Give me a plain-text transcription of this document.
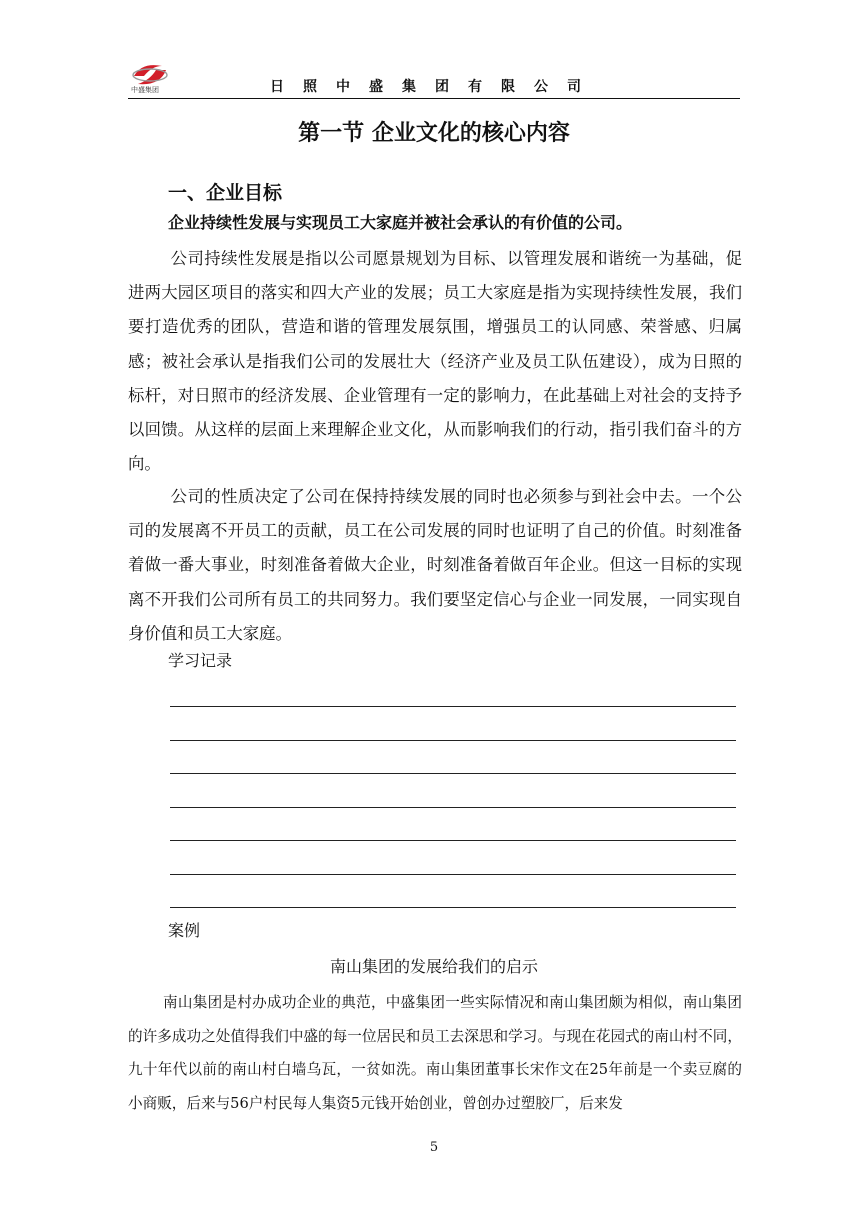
中盛集团	日照中盛集团有限公司
第一节 企业文化的核心内容
一、企业目标
企业持续性发展与实现员工大家庭并被社会承认的有价值的公司。

公司持续性发展是指以公司愿景规划为目标、以管理发展和谐统一为基础，促进两大园区项目的落实和四大产业的发展；员工大家庭是指为实现持续性发展，我们要打造优秀的团队，营造和谐的管理发展氛围，增强员工的认同感、荣誉感、归属感；被社会承认是指我们公司的发展壮大（经济产业及员工队伍建设），成为日照的标杆，对日照市的经济发展、企业管理有一定的影响力，在此基础上对社会的支持予以回馈。从这样的层面上来理解企业文化，从而影响我们的行动，指引我们奋斗的方向。

公司的性质决定了公司在保持持续发展的同时也必须参与到社会中去。一个公司的发展离不开员工的贡献，员工在公司发展的同时也证明了自己的价值。时刻准备着做一番大事业，时刻准备着做大企业，时刻准备着做百年企业。但这一目标的实现离不开我们公司所有员工的共同努力。我们要坚定信心与企业一同发展，一同实现自身价值和员工大家庭。

学习记录
案例
南山集团的发展给我们的启示

南山集团是村办成功企业的典范，中盛集团一些实际情况和南山集团颇为相似，南山集团的许多成功之处值得我们中盛的每一位居民和员工去深思和学习。与现在花园式的南山村不同，九十年代以前的南山村白墙乌瓦，一贫如洗。南山集团董事长宋作文在25年前是一个卖豆腐的小商贩，后来与56户村民每人集资5元钱开始创业，曾创办过塑胶厂，后来发

5
